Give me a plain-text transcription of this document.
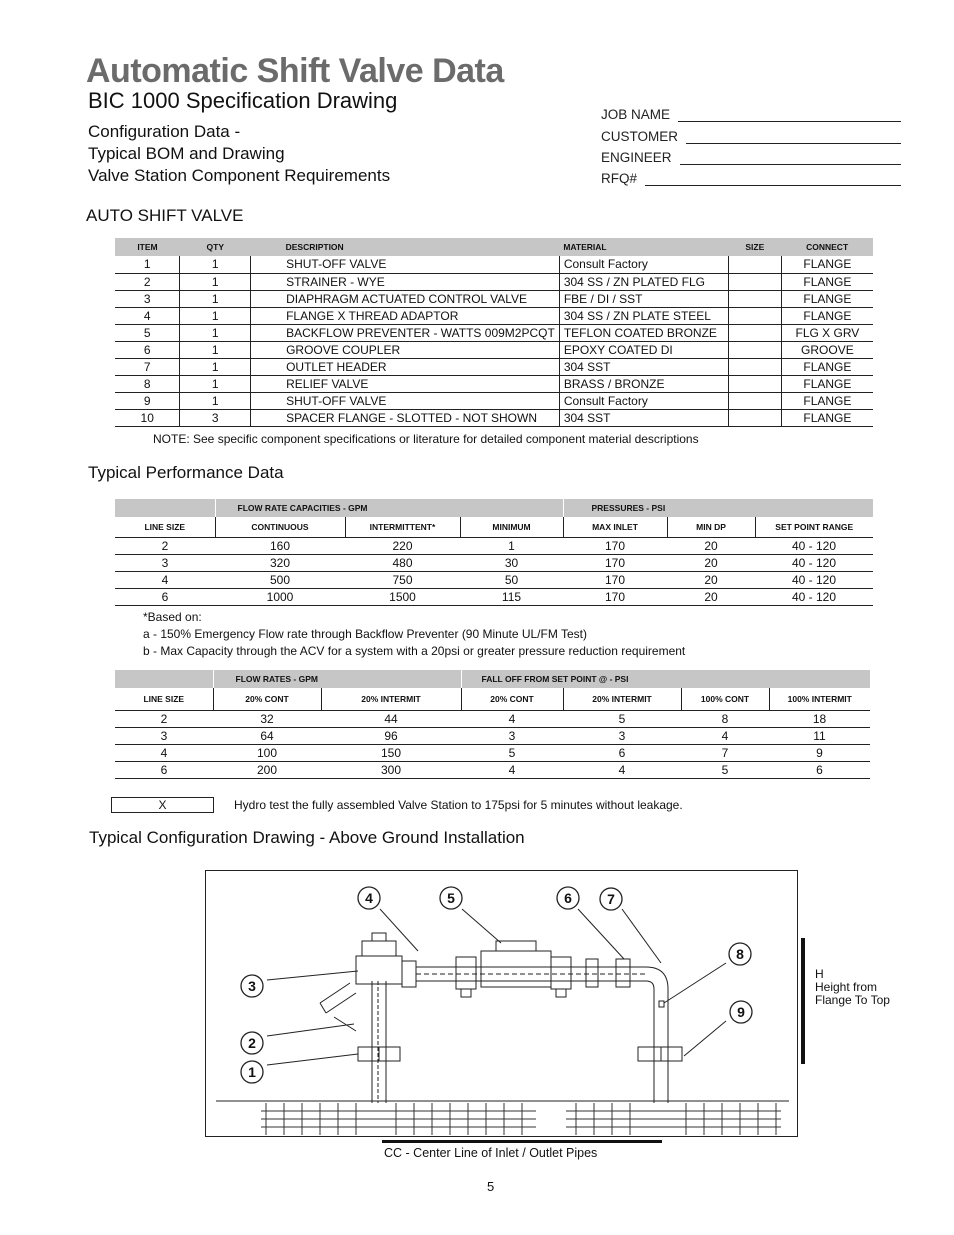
Automatic Shift Valve Data
BIC 1000 Specification Drawing
Configuration Data -
Typical BOM and Drawing
Valve Station Component Requirements
JOB NAME
CUSTOMER
ENGINEER
RFQ#
AUTO SHIFT VALVE
ITEM	QTY	DESCRIPTION	MATERIAL	SIZE	CONNECT
1	1	SHUT-OFF VALVE	Consult Factory		FLANGE
2	1	STRAINER - WYE	304 SS / ZN PLATED FLG		FLANGE
3	1	DIAPHRAGM ACTUATED CONTROL VALVE	FBE / DI / SST		FLANGE
4	1	FLANGE X THREAD ADAPTOR	304 SS / ZN PLATE STEEL		FLANGE
5	1	BACKFLOW PREVENTER - WATTS 009M2PCQT	TEFLON COATED BRONZE		FLG X GRV
6	1	GROOVE COUPLER	EPOXY COATED DI		GROOVE
7	1	OUTLET HEADER	304 SST		FLANGE
8	1	RELIEF VALVE	BRASS / BRONZE		FLANGE
9	1	SHUT-OFF VALVE	Consult Factory		FLANGE
10	3	SPACER FLANGE - SLOTTED - NOT SHOWN	304 SST		FLANGE
NOTE: See specific component specifications or literature for detailed component material descriptions
Typical Performance Data
	FLOW RATE CAPACITIES - GPM			PRESSURES - PSI		
LINE SIZE	CONTINUOUS	INTERMITTENT*	MINIMUM	MAX INLET	MIN DP	SET POINT RANGE
2	160	220	1	170	20	40 - 120
3	320	480	30	170	20	40 - 120
4	500	750	50	170	20	40 - 120
6	1000	1500	115	170	20	40 - 120
*Based on:
a - 150% Emergency Flow rate through Backflow Preventer (90 Minute UL/FM Test)
b - Max Capacity through the ACV for a system with a 20psi or greater pressure reduction requirement
	FLOW RATES - GPM		FALL OFF FROM SET POINT @ - PSI			
LINE SIZE	20% CONT	20% INTERMIT	20% CONT	20% INTERMIT	100% CONT	100% INTERMIT
2	32	44	4	5	8	18
3	64	96	3	3	4	11
4	100	150	5	6	7	9
6	200	300	4	4	5	6
X	Hydro test the fully assembled Valve Station to 175psi for 5 minutes without leakage.
Typical Configuration Drawing - Above Ground Installation
1
2
3
4	5	6	7
8
9
H
Height from
Flange To Top
CC - Center Line of Inlet / Outlet Pipes
5
